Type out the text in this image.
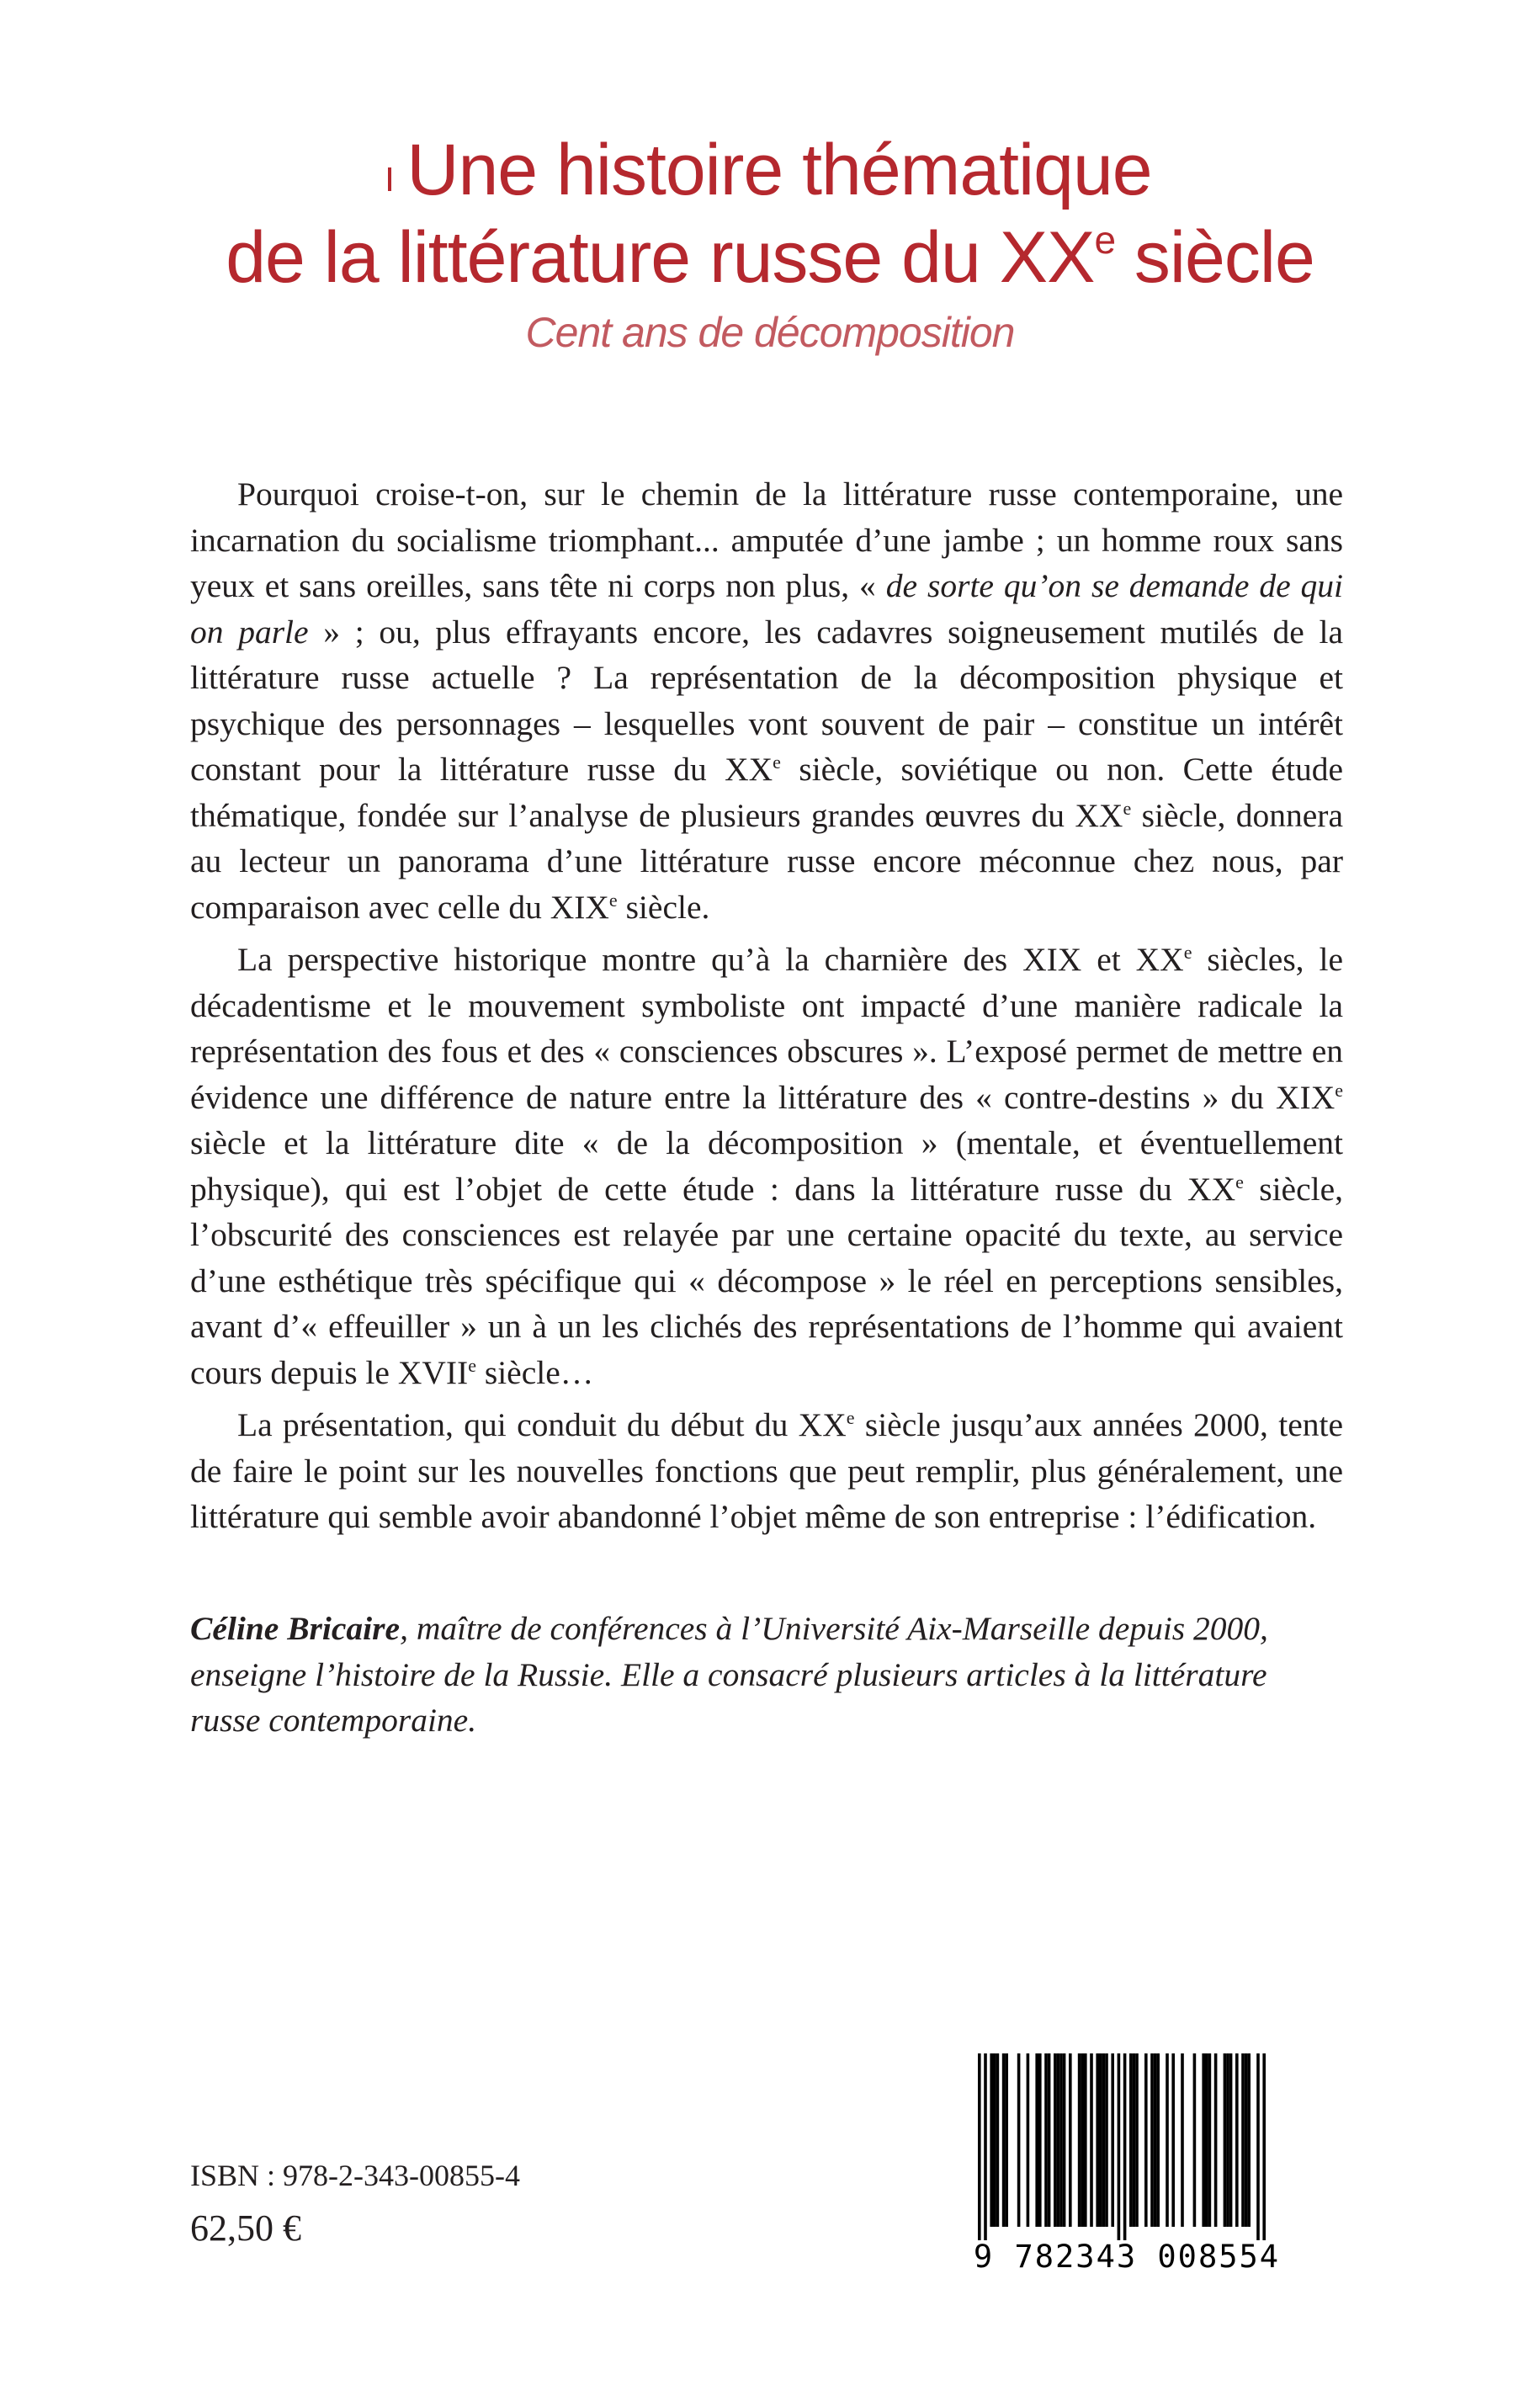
Une histoire thématique
de la littérature russe du XXe siècle
Cent ans de décomposition

Pourquoi croise-t-on, sur le chemin de la littérature russe contemporaine, une incarnation du socialisme triomphant... amputée d’une jambe ; un homme roux sans yeux et sans oreilles, sans tête ni corps non plus, « de sorte qu’on se demande de qui on parle » ; ou, plus effrayants encore, les cadavres soigneusement mutilés de la littérature russe actuelle ? La représentation de la décomposition physique et psychique des personnages – lesquelles vont souvent de pair – constitue un intérêt constant pour la littérature russe du XXe siècle, soviétique ou non. Cette étude thématique, fondée sur l’analyse de plusieurs grandes œuvres du XXe siècle, donnera au lecteur un panorama d’une littérature russe encore méconnue chez nous, par comparaison avec celle du XIXe siècle.

La perspective historique montre qu’à la charnière des XIX et XXe siècles, le décadentisme et le mouvement symboliste ont impacté d’une manière radicale la représentation des fous et des « consciences obscures ». L’exposé permet de mettre en évidence une différence de nature entre la littérature des « contre-destins » du XIXe siècle et la littérature dite « de la décomposition » (mentale, et éventuellement physique), qui est l’objet de cette étude : dans la littérature russe du XXe siècle, l’obscurité des consciences est relayée par une certaine opacité du texte, au service d’une esthétique très spécifique qui « décompose » le réel en perceptions sensibles, avant d’« effeuiller » un à un les clichés des représentations de l’homme qui avaient cours depuis le XVIIe siècle…

La présentation, qui conduit du début du XXe siècle jusqu’aux années 2000, tente de faire le point sur les nouvelles fonctions que peut remplir, plus généralement, une littérature qui semble avoir abandonné l’objet même de son entreprise : l’édification.

Céline Bricaire, maître de conférences à l’Université Aix-Marseille depuis 2000, enseigne l’histoire de la Russie. Elle a consacré plusieurs articles à la littérature russe contemporaine.
ISBN : 978-2-343-00855-4
62,50 €
9 782343 008554
